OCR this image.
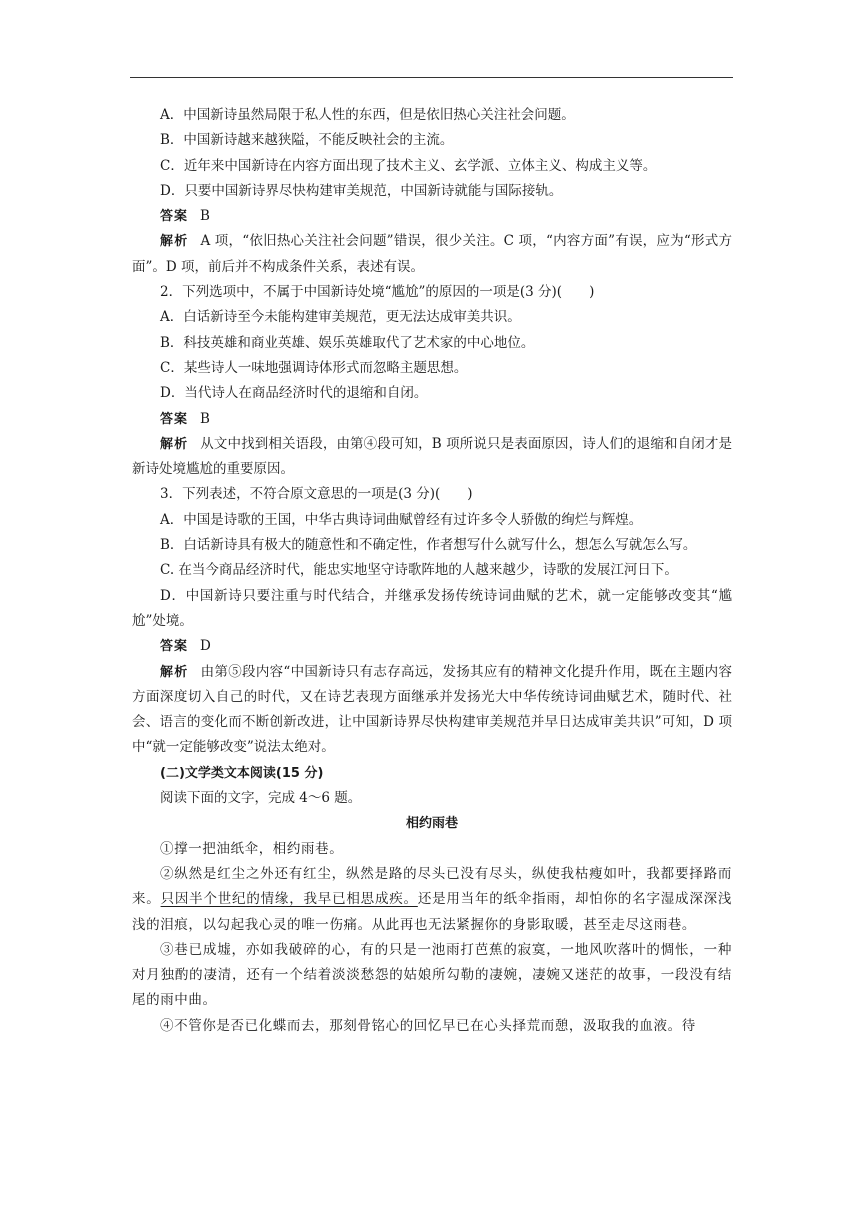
A．中国新诗虽然局限于私人性的东西，但是依旧热心关注社会问题。

B．中国新诗越来越狭隘，不能反映社会的主流。

C．近年来中国新诗在内容方面出现了技术主义、玄学派、立体主义、构成主义等。

D．只要中国新诗界尽快构建审美规范，中国新诗就能与国际接轨。

答案 B

解析 A 项，“依旧热心关注社会问题”错误，很少关注。C 项，“内容方面”有误，应为“形式方面”。D 项，前后并不构成条件关系，表述有误。

2．下列选项中，不属于中国新诗处境“尴尬”的原因的一项是(3 分)(　　)

A．白话新诗至今未能构建审美规范，更无法达成审美共识。

B．科技英雄和商业英雄、娱乐英雄取代了艺术家的中心地位。

C．某些诗人一味地强调诗体形式而忽略主题思想。

D．当代诗人在商品经济时代的退缩和自闭。

答案 B

解析 从文中找到相关语段，由第④段可知，B 项所说只是表面原因，诗人们的退缩和自闭才是新诗处境尴尬的重要原因。

3．下列表述，不符合原文意思的一项是(3 分)(　　)

A．中国是诗歌的王国，中华古典诗词曲赋曾经有过许多令人骄傲的绚烂与辉煌。

B．白话新诗具有极大的随意性和不确定性，作者想写什么就写什么，想怎么写就怎么写。

C. 在当今商品经济时代，能忠实地坚守诗歌阵地的人越来越少，诗歌的发展江河日下。

D．中国新诗只要注重与时代结合，并继承发扬传统诗词曲赋的艺术，就一定能够改变其“尴尬”处境。

答案 D

解析 由第⑤段内容“中国新诗只有志存高远，发扬其应有的精神文化提升作用，既在主题内容方面深度切入自己的时代，又在诗艺表现方面继承并发扬光大中华传统诗词曲赋艺术，随时代、社会、语言的变化而不断创新改进，让中国新诗界尽快构建审美规范并早日达成审美共识”可知，D 项中“就一定能够改变”说法太绝对。

(二)文学类文本阅读(15 分)

阅读下面的文字，完成 4～6 题。

相约雨巷

①撑一把油纸伞，相约雨巷。

②纵然是红尘之外还有红尘，纵然是路的尽头已没有尽头，纵使我枯瘦如叶，我都要择路而来。只因半个世纪的情缘，我早已相思成疾。还是用当年的纸伞指雨，却怕你的名字湿成深深浅浅的泪痕，以勾起我心灵的唯一伤痛。从此再也无法紧握你的身影取暖，甚至走尽这雨巷。

③巷已成墟，亦如我破碎的心，有的只是一池雨打芭蕉的寂寞，一地风吹落叶的惆怅，一种对月独酌的凄清，还有一个结着淡淡愁怨的姑娘所勾勒的凄婉，凄婉又迷茫的故事，一段没有结尾的雨中曲。

④不管你是否已化蝶而去，那刻骨铭心的回忆早已在心头择荒而憩，汲取我的血液。待
